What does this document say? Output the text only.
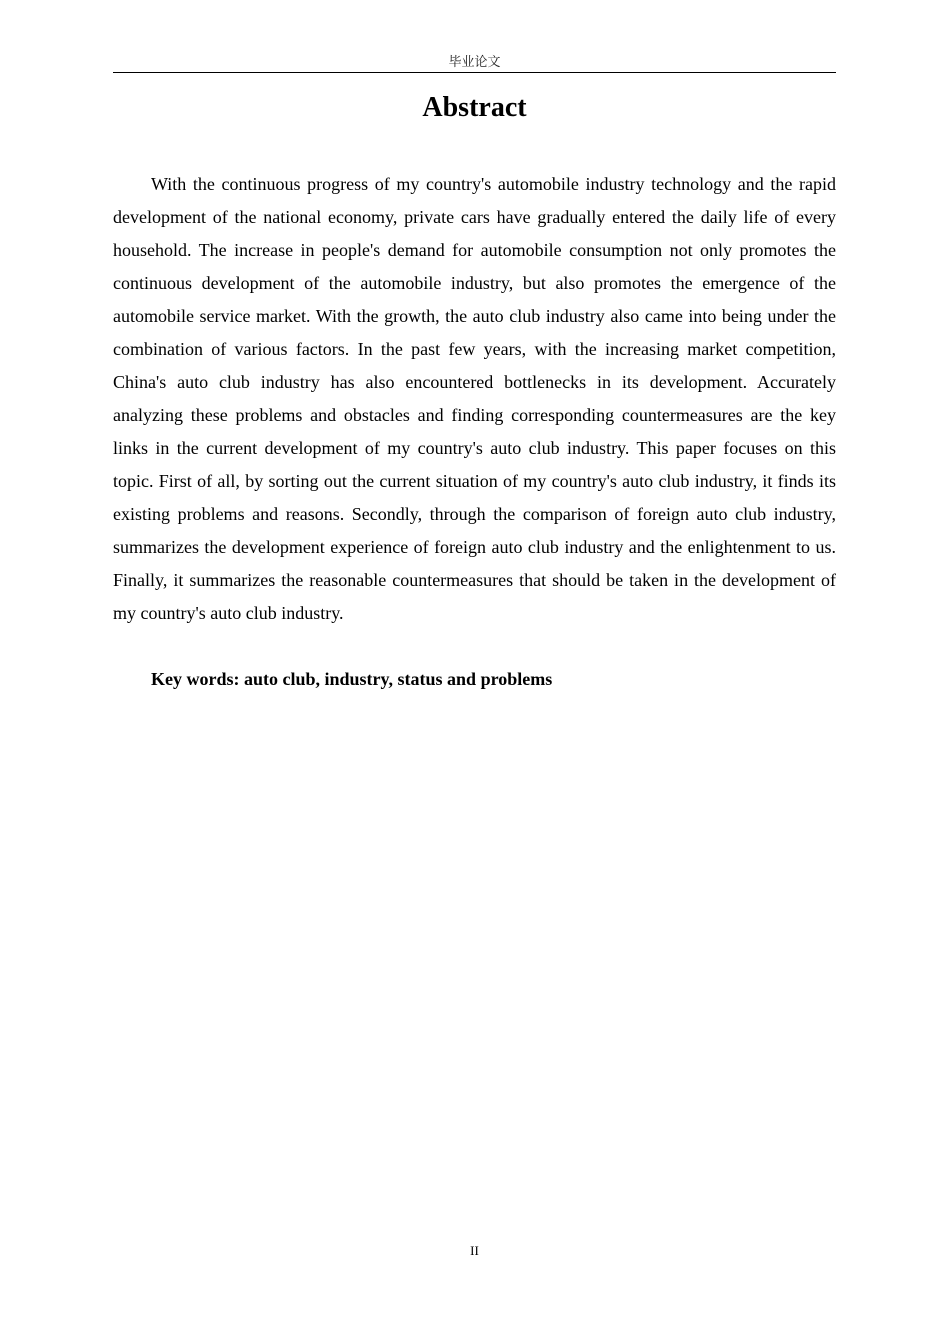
毕业论文
Abstract

With the continuous progress of my country's automobile industry technology and the rapid development of the national economy, private cars have gradually entered the daily life of every household. The increase in people's demand for automobile consumption not only promotes the continuous development of the automobile industry, but also promotes the emergence of the automobile service market. With the growth, the auto club industry also came into being under the combination of various factors. In the past few years, with the increasing market competition, China's auto club industry has also encountered bottlenecks in its development. Accurately analyzing these problems and obstacles and finding corresponding countermeasures are the key links in the current development of my country's auto club industry. This paper focuses on this topic. First of all, by sorting out the current situation of my country's auto club industry, it finds its existing problems and reasons. Secondly, through the comparison of foreign auto club industry, summarizes the development experience of foreign auto club industry and the enlightenment to us. Finally, it summarizes the reasonable countermeasures that should be taken in the development of my country's auto club industry.

Key words: auto club, industry, status and problems

II
